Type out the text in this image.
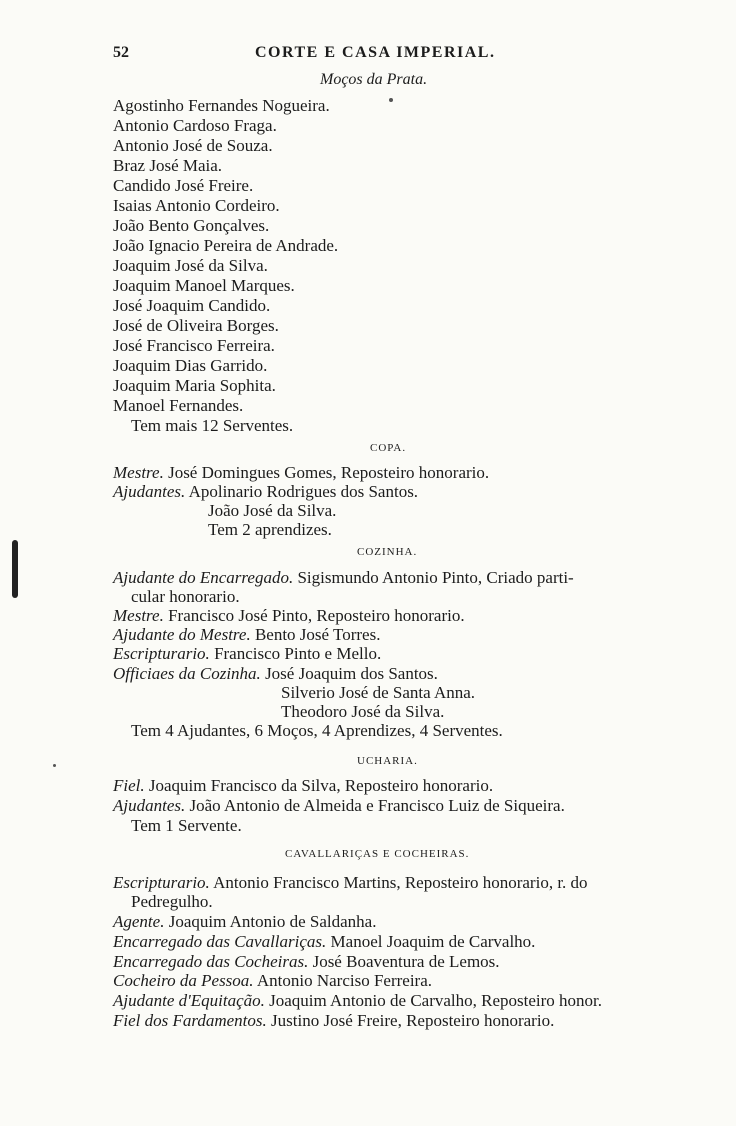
52	CORTE E CASA IMPERIAL.
Moços da Prata.
Agostinho Fernandes Nogueira.
Antonio Cardoso Fraga.
Antonio José de Souza.
Braz José Maia.
Candido José Freire.
Isaias Antonio Cordeiro.
João Bento Gonçalves.
João Ignacio Pereira de Andrade.
Joaquim José da Silva.
Joaquim Manoel Marques.
José Joaquim Candido.
José de Oliveira Borges.
José Francisco Ferreira.
Joaquim Dias Garrido.
Joaquim Maria Sophita.
Manoel Fernandes.
Tem mais 12 Serventes.
COPA.
Mestre. José Domingues Gomes, Reposteiro honorario.
Ajudantes. Apolinario Rodrigues dos Santos.
João José da Silva.
Tem 2 aprendizes.
COZINHA.
Ajudante do Encarregado. Sigismundo Antonio Pinto, Criado parti-
cular honorario.
Mestre. Francisco José Pinto, Reposteiro honorario.
Ajudante do Mestre. Bento José Torres.
Escripturario. Francisco Pinto e Mello.
Officiaes da Cozinha. José Joaquim dos Santos.
Silverio José de Santa Anna.
Theodoro José da Silva.
Tem 4 Ajudantes, 6 Moços, 4 Aprendizes, 4 Serventes.
UCHARIA.
Fiel. Joaquim Francisco da Silva, Reposteiro honorario.
Ajudantes. João Antonio de Almeida e Francisco Luiz de Siqueira.
Tem 1 Servente.
CAVALLARIÇAS E COCHEIRAS.
Escripturario. Antonio Francisco Martins, Reposteiro honorario, r. do
Pedregulho.
Agente. Joaquim Antonio de Saldanha.
Encarregado das Cavallariças. Manoel Joaquim de Carvalho.
Encarregado das Cocheiras. José Boaventura de Lemos.
Cocheiro da Pessoa. Antonio Narciso Ferreira.
Ajudante d'Equitação. Joaquim Antonio de Carvalho, Reposteiro honor.
Fiel dos Fardamentos. Justino José Freire, Reposteiro honorario.
